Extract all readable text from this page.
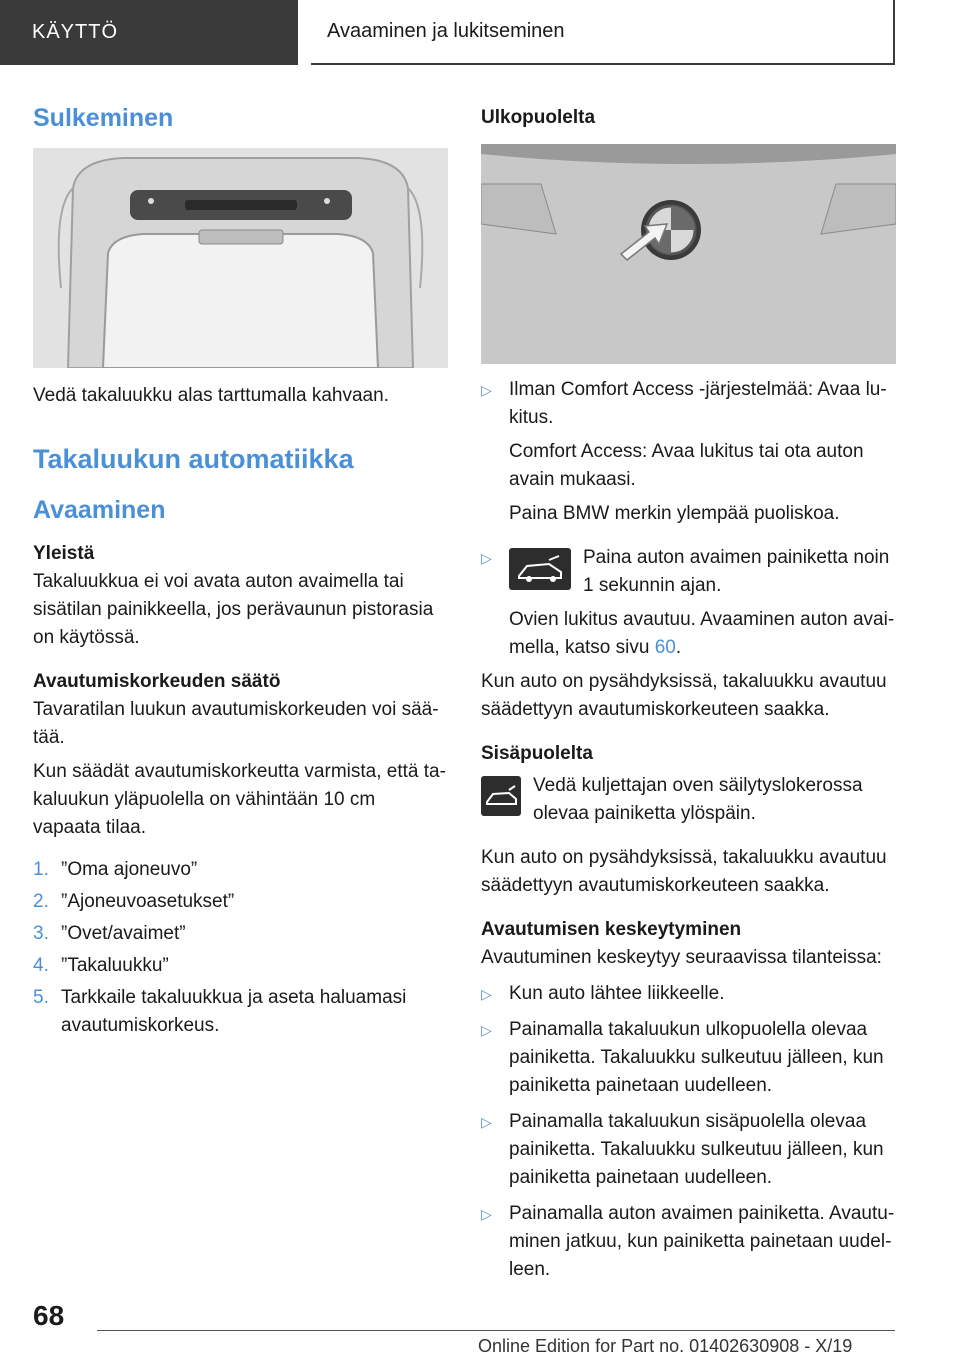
KÄYTTÖ	Avaaminen ja lukitseminen
Sulkeminen

Vedä takaluukku alas tarttumalla kahvaan.

Takaluukun automatiikka
Avaaminen
Yleistä

Takaluukkua ei voi avata auton avaimella tai sisätilan painikkeella, jos perävaunun pistorasia on käytössä.

Avautumiskorkeuden säätö

Tavaratilan luukun avautumiskorkeuden voi säätää.

Kun säädät avautumiskorkeutta varmista, että takaluukun yläpuolella on vähintään 10 cm vapaata tilaa.

1. ”Oma ajoneuvo”
2. ”Ajoneuvoasetukset”
3. ”Ovet/avaimet”
4. ”Takaluukku”
5. Tarkkaile takaluukkua ja aseta haluamasi avautumiskorkeus.
Ulkopuolelta
▷ Ilman Comfort Access -järjestelmää: Avaa lukitus.

Comfort Access: Avaa lukitus tai ota auton avain mukaasi.

Paina BMW merkin ylempää puoliskoa.

▷	Paina auton avaimen painiketta noin 1 sekunnin ajan.

Ovien lukitus avautuu. Avaaminen auton avaimella, katso sivu 60.

Kun auto on pysähdyksissä, takaluukku avautuu säädettyyn avautumiskorkeuteen saakka.

Sisäpuolelta

Vedä kuljettajan oven säilytyslokerossa olevaa painiketta ylöspäin.

Kun auto on pysähdyksissä, takaluukku avautuu säädettyyn avautumiskorkeuteen saakka.

Avautumisen keskeytyminen

Avautuminen keskeytyy seuraavissa tilanteissa:

▷ Kun auto lähtee liikkeelle.
▷ Painamalla takaluukun ulkopuolella olevaa painiketta. Takaluukku sulkeutuu jälleen, kun painiketta painetaan uudelleen.
▷ Painamalla takaluukun sisäpuolella olevaa painiketta. Takaluukku sulkeutuu jälleen, kun painiketta painetaan uudelleen.
▷ Painamalla auton avaimen painiketta. Avautuminen jatkuu, kun painiketta painetaan uudelleen.
68
Online Edition for Part no. 01402630908 - X/19
